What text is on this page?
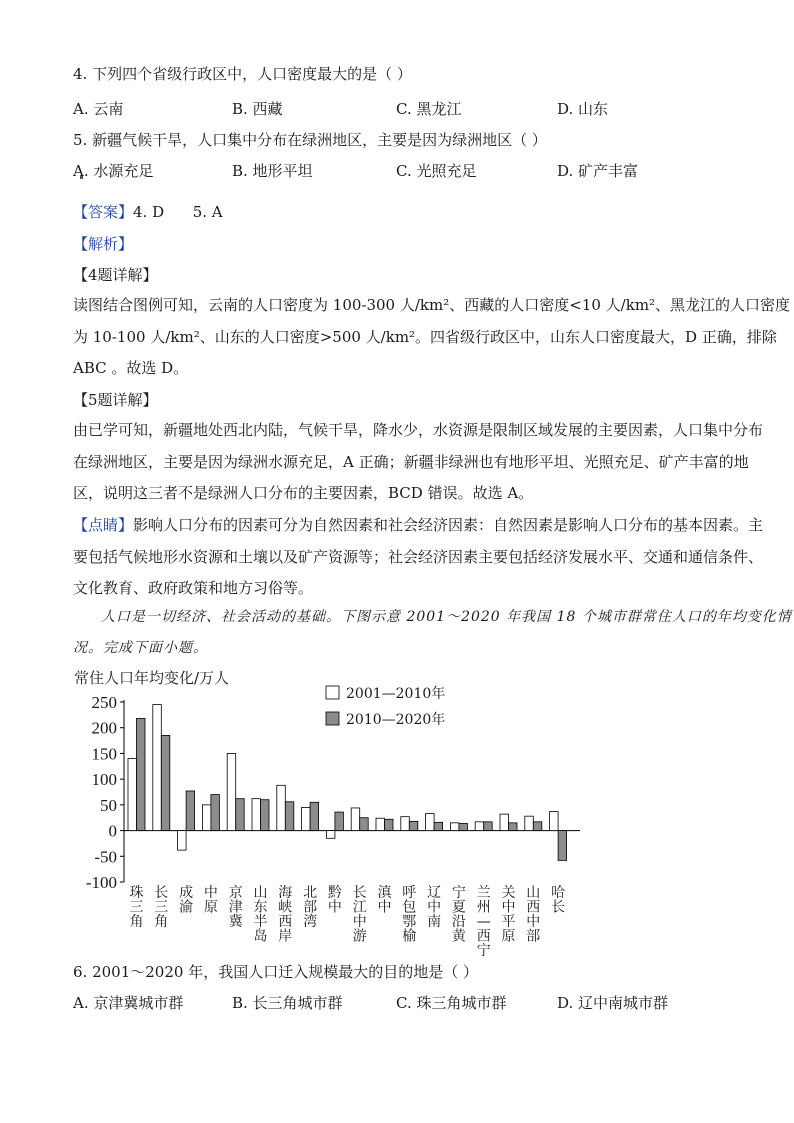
4. 下列四个省级行政区中，人口密度最大的是（ ）
A. 云南	B. 西藏	C. 黑龙江	D. 山东
5. 新疆气候干旱，人口集中分布在绿洲地区，主要是因为绿洲地区（ ）
A. 水源充足	B. 地形平坦	C. 光照充足	D. 矿产丰富
【答案】4. D      5. A
【解析】
【4题详解】
读图结合图例可知，云南的人口密度为 100-300 人/km²、西藏的人口密度<10 人/km²、黑龙江的人口密度
为 10-100 人/km²、山东的人口密度>500 人/km²。四省级行政区中，山东人口密度最大，D 正确，排除
ABC 。故选 D。
【5题详解】
由已学可知，新疆地处西北内陆，气候干旱，降水少，水资源是限制区域发展的主要因素，人口集中分布
在绿洲地区，主要是因为绿洲水源充足，A 正确；新疆非绿洲也有地形平坦、光照充足、矿产丰富的地
区，说明这三者不是绿洲人口分布的主要因素，BCD 错误。故选 A。
【点睛】影响人口分布的因素可分为自然因素和社会经济因素：自然因素是影响人口分布的基本因素。主
要包括气候地形水资源和土壤以及矿产资源等；社会经济因素主要包括经济发展水平、交通和通信条件、
文化教育、政府政策和地方习俗等。
人口是一切经济、社会活动的基础。下图示意 2001～2020 年我国 18 个城市群常住人口的年均变化情
况。完成下面小题。
常住人口年均变化/万人
250
200
150
100
50
0
-50
-100
珠
三
角
长
三
角
成
渝
中
原
京
津
冀
山
东
半
岛
海
峡
西
岸
北
部
湾
黔
中
长
江
中
游
滇
中
呼
包
鄂
榆
辽
中
南
宁
夏
沿
黄
兰
州
—
西
宁
关
中
平
原
山
西
中
部
哈
长
2001—2010年
2010—2020年
6. 2001～2020 年，我国人口迁入规模最大的目的地是（ ）
A. 京津冀城市群	B. 长三角城市群	C. 珠三角城市群	D. 辽中南城市群
